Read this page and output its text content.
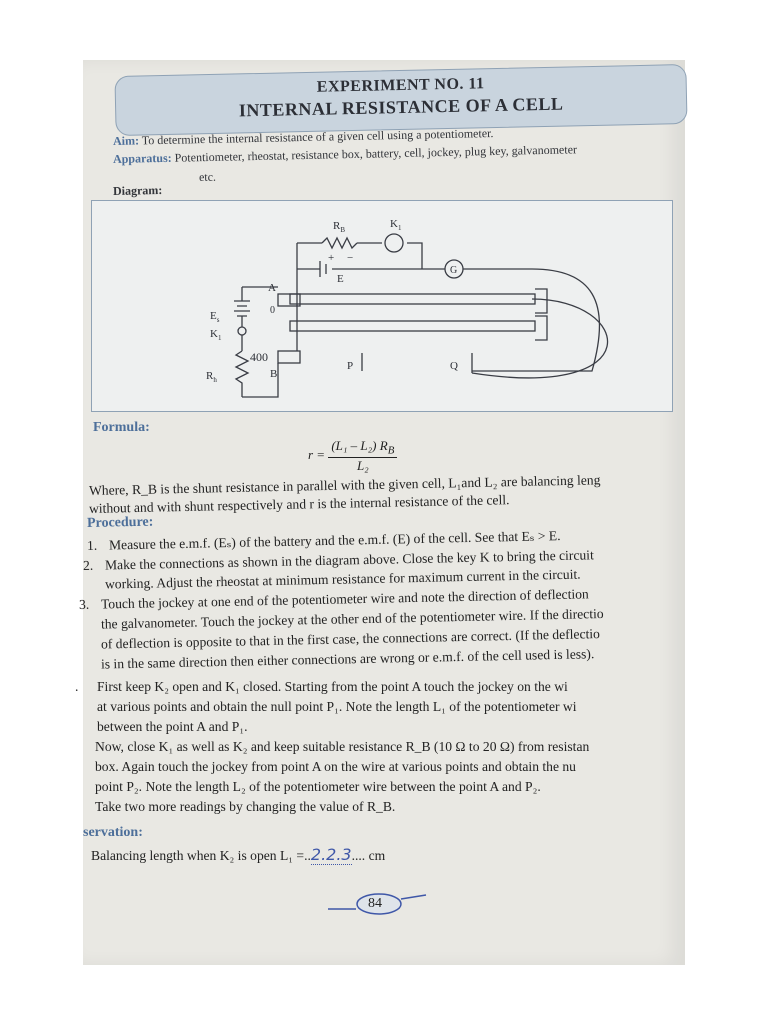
EXPERIMENT NO. 11
INTERNAL RESISTANCE OF A CELL
Aim: To determine the internal resistance of a given cell using a potentiometer.
Apparatus: Potentiometer, rheostat, resistance box, battery, cell, jockey, plug key, galvanometer
etc.
Diagram:
$R_B$	$K_1$
+
E
−
G
A
0
$E_s$
$K_1$
400
B
P	Q
$R_h$
Formula:
$r = \frac{(L_1 - L_2) R_B}{\text{L₂}}$
Where, R_B is the shunt resistance in parallel with the given cell, L₁and L₂ are balancing leng
without and with shunt respectively and r is the internal resistance of the cell.
Procedure:
1. Measure the e.m.f. (Eₛ) of the battery and the e.m.f. (E) of the cell. See that Eₛ > E.
2. Make the connections as shown in the diagram above. Close the key K to bring the circuit
working. Adjust the rheostat at minimum resistance for maximum current in the circuit.
3. Touch the jockey at one end of the potentiometer wire and note the direction of deflection
the galvanometer. Touch the jockey at the other end of the potentiometer wire. If the directio
of deflection is opposite to that in the first case, the connections are correct. (If the deflectio
is in the same direction then either connections are wrong or e.m.f. of the cell used is less).
. First keep K₂ open and K₁ closed. Starting from the point A touch the jockey on the wi
at various points and obtain the null point P₁. Note the length L₁ of the potentiometer wi
between the point A and P₁.
Now, close K₁ as well as K₂ and keep suitable resistance R_B (10 Ω to 20 Ω) from resistan
box. Again touch the jockey from point A on the wire at various points and obtain the nu
point P₂. Note the length L₂ of the potentiometer wire between the point A and P₂.
Take two more readings by changing the value of R_B.
servation:
Balancing length when K₂ is open L₁ =..2.2.3.... cm
84
